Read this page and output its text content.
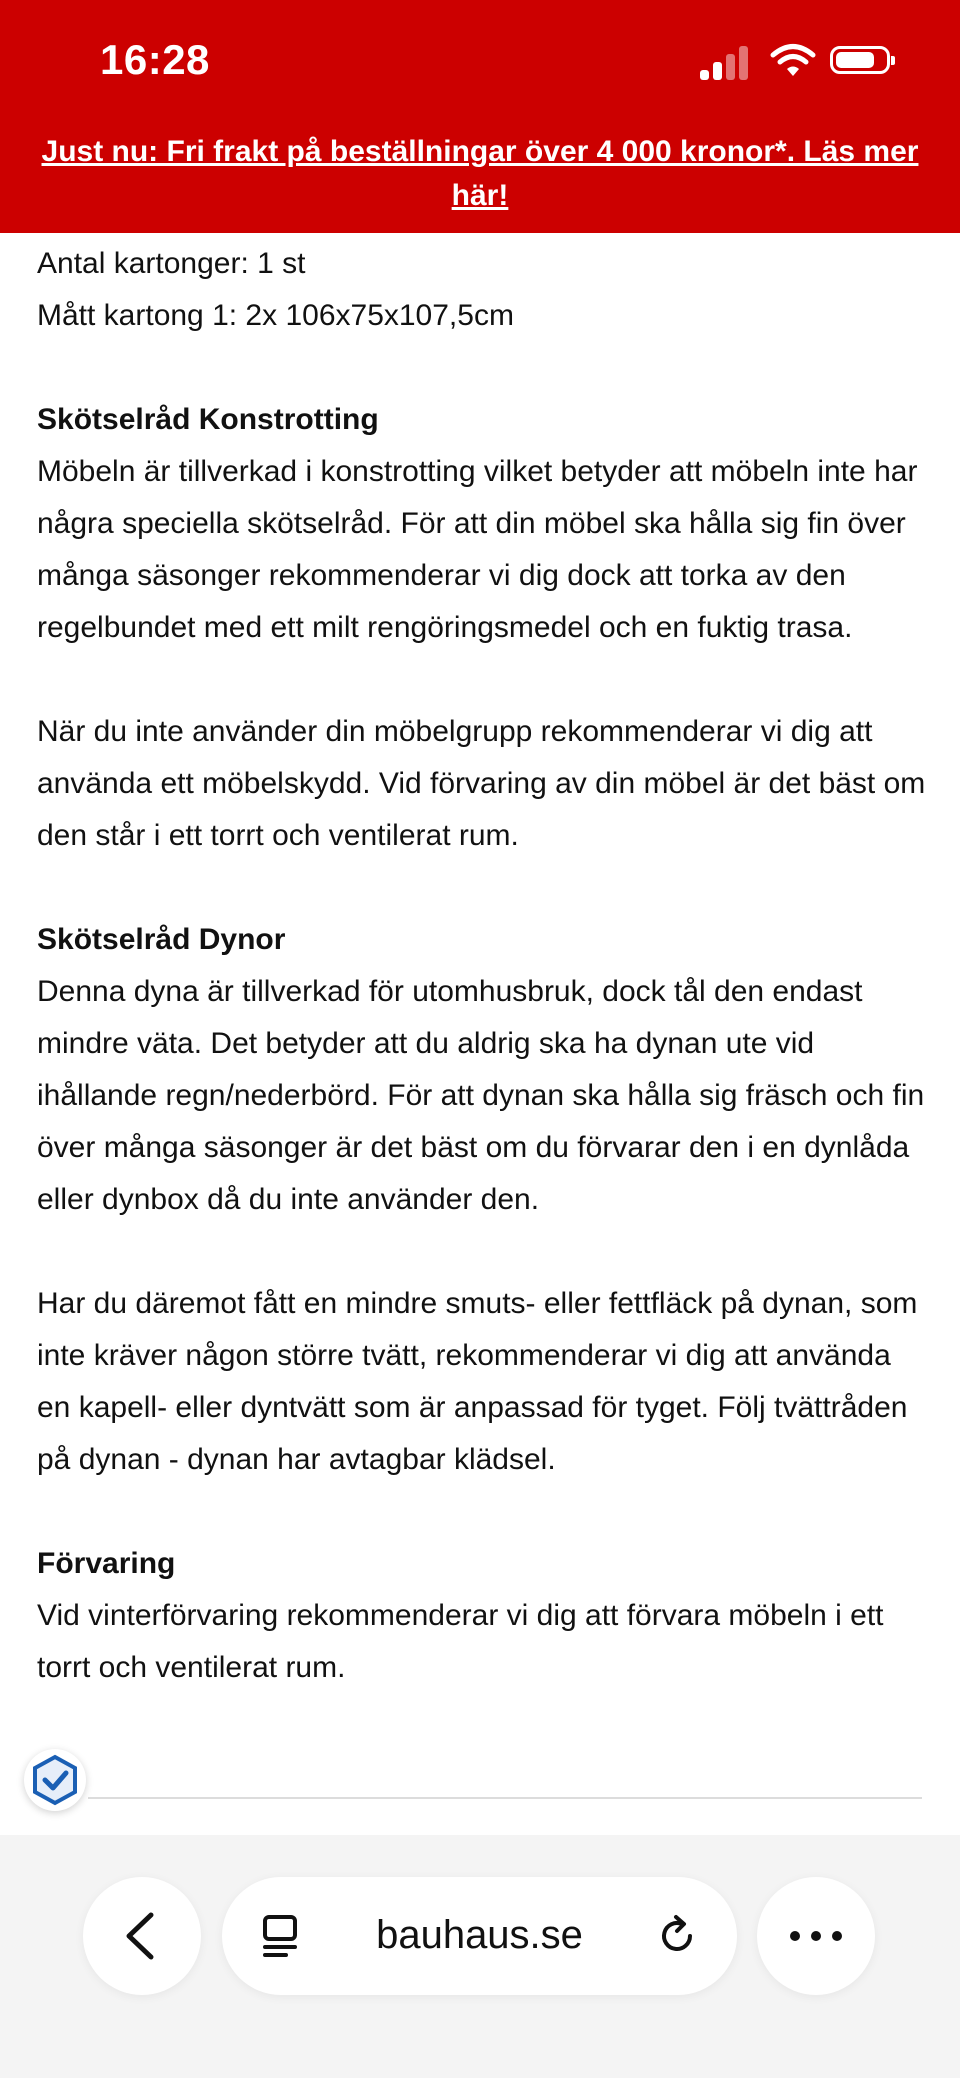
16:28
Just nu: Fri frakt på beställningar över 4 000 kronor*. Läs mer här!

Antal kartonger: 1 st

Mått kartong 1: 2x 106x75x107,5cm

Skötselråd Konstrotting

Möbeln är tillverkad i konstrotting vilket betyder att möbeln inte har några speciella skötselråd. För att din möbel ska hålla sig fin över många säsonger rekommenderar vi dig dock att torka av den regelbundet med ett milt rengöringsmedel och en fuktig trasa.

När du inte använder din möbelgrupp rekommenderar vi dig att använda ett möbelskydd. Vid förvaring av din möbel är det bäst om den står i ett torrt och ventilerat rum.

Skötselråd Dynor

Denna dyna är tillverkad för utomhusbruk, dock tål den endast mindre väta. Det betyder att du aldrig ska ha dynan ute vid ihållande regn/nederbörd. För att dynan ska hålla sig fräsch och fin över många säsonger är det bäst om du förvarar den i en dynlåda eller dynbox då du inte använder den.

Har du däremot fått en mindre smuts- eller fettfläck på dynan, som inte kräver någon större tvätt, rekommenderar vi dig att använda en kapell- eller dyntvätt som är anpassad för tyget. Följ tvättråden på dynan - dynan har avtagbar klädsel.

Förvaring

Vid vinterförvaring rekommenderar vi dig att förvara möbeln i ett torrt och ventilerat rum.

bauhaus.se
